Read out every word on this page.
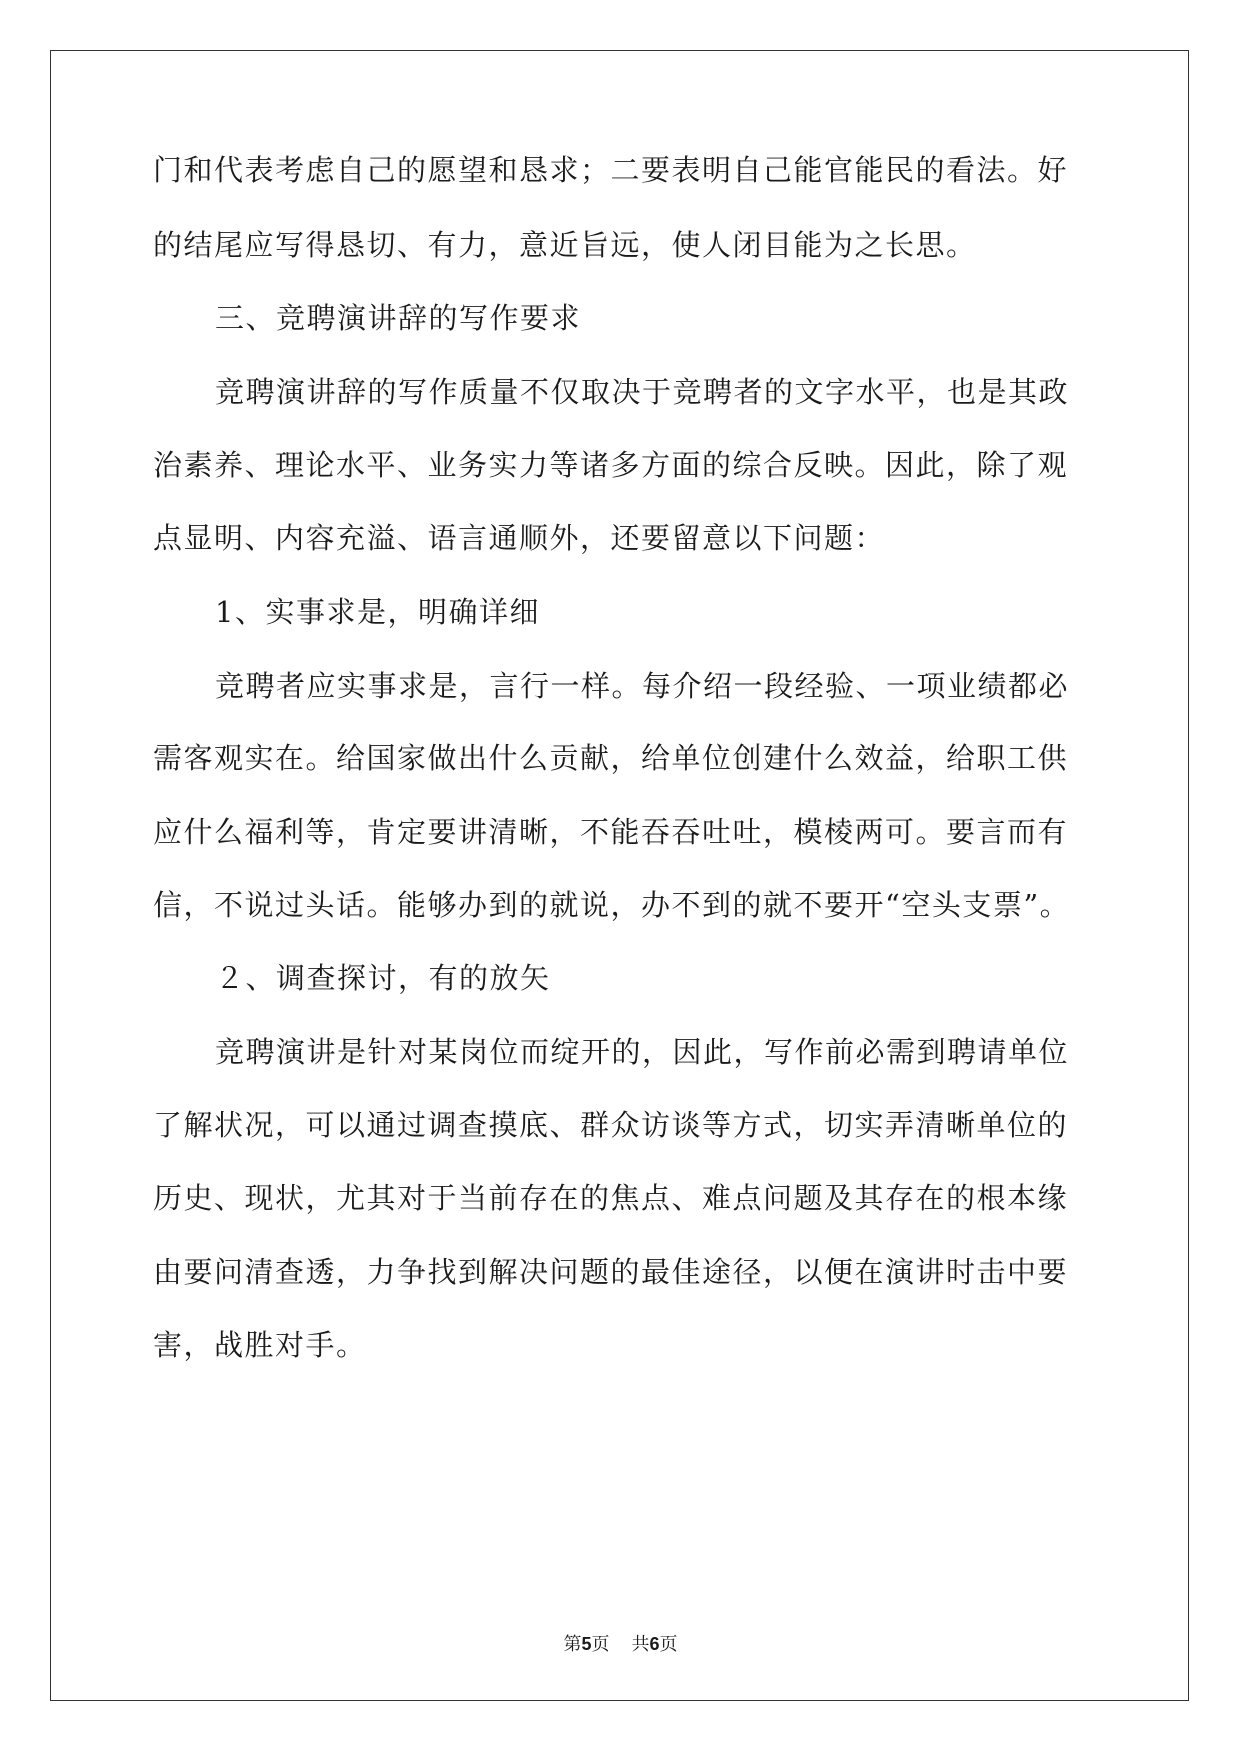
门和代表考虑自己的愿望和恳求；二要表明自己能官能民的看法。好
的结尾应写得恳切、有力，意近旨远，使人闭目能为之长思。
三、竞聘演讲辞的写作要求
竞聘演讲辞的写作质量不仅取决于竞聘者的文字水平，也是其政
治素养、理论水平、业务实力等诸多方面的综合反映。因此，除了观
点显明、内容充溢、语言通顺外，还要留意以下问题：
1、实事求是，明确详细
竞聘者应实事求是，言行一样。每介绍一段经验、一项业绩都必
需客观实在。给国家做出什么贡献，给单位创建什么效益，给职工供
应什么福利等，肯定要讲清晰，不能吞吞吐吐，模棱两可。要言而有
信，不说过头话。能够办到的就说，办不到的就不要开“空头支票”。
２、调查探讨，有的放矢
竞聘演讲是针对某岗位而绽开的，因此，写作前必需到聘请单位
了解状况，可以通过调查摸底、群众访谈等方式，切实弄清晰单位的
历史、现状，尤其对于当前存在的焦点、难点问题及其存在的根本缘
由要问清查透，力争找到解决问题的最佳途径，以便在演讲时击中要
害，战胜对手。
第5页 共6页
